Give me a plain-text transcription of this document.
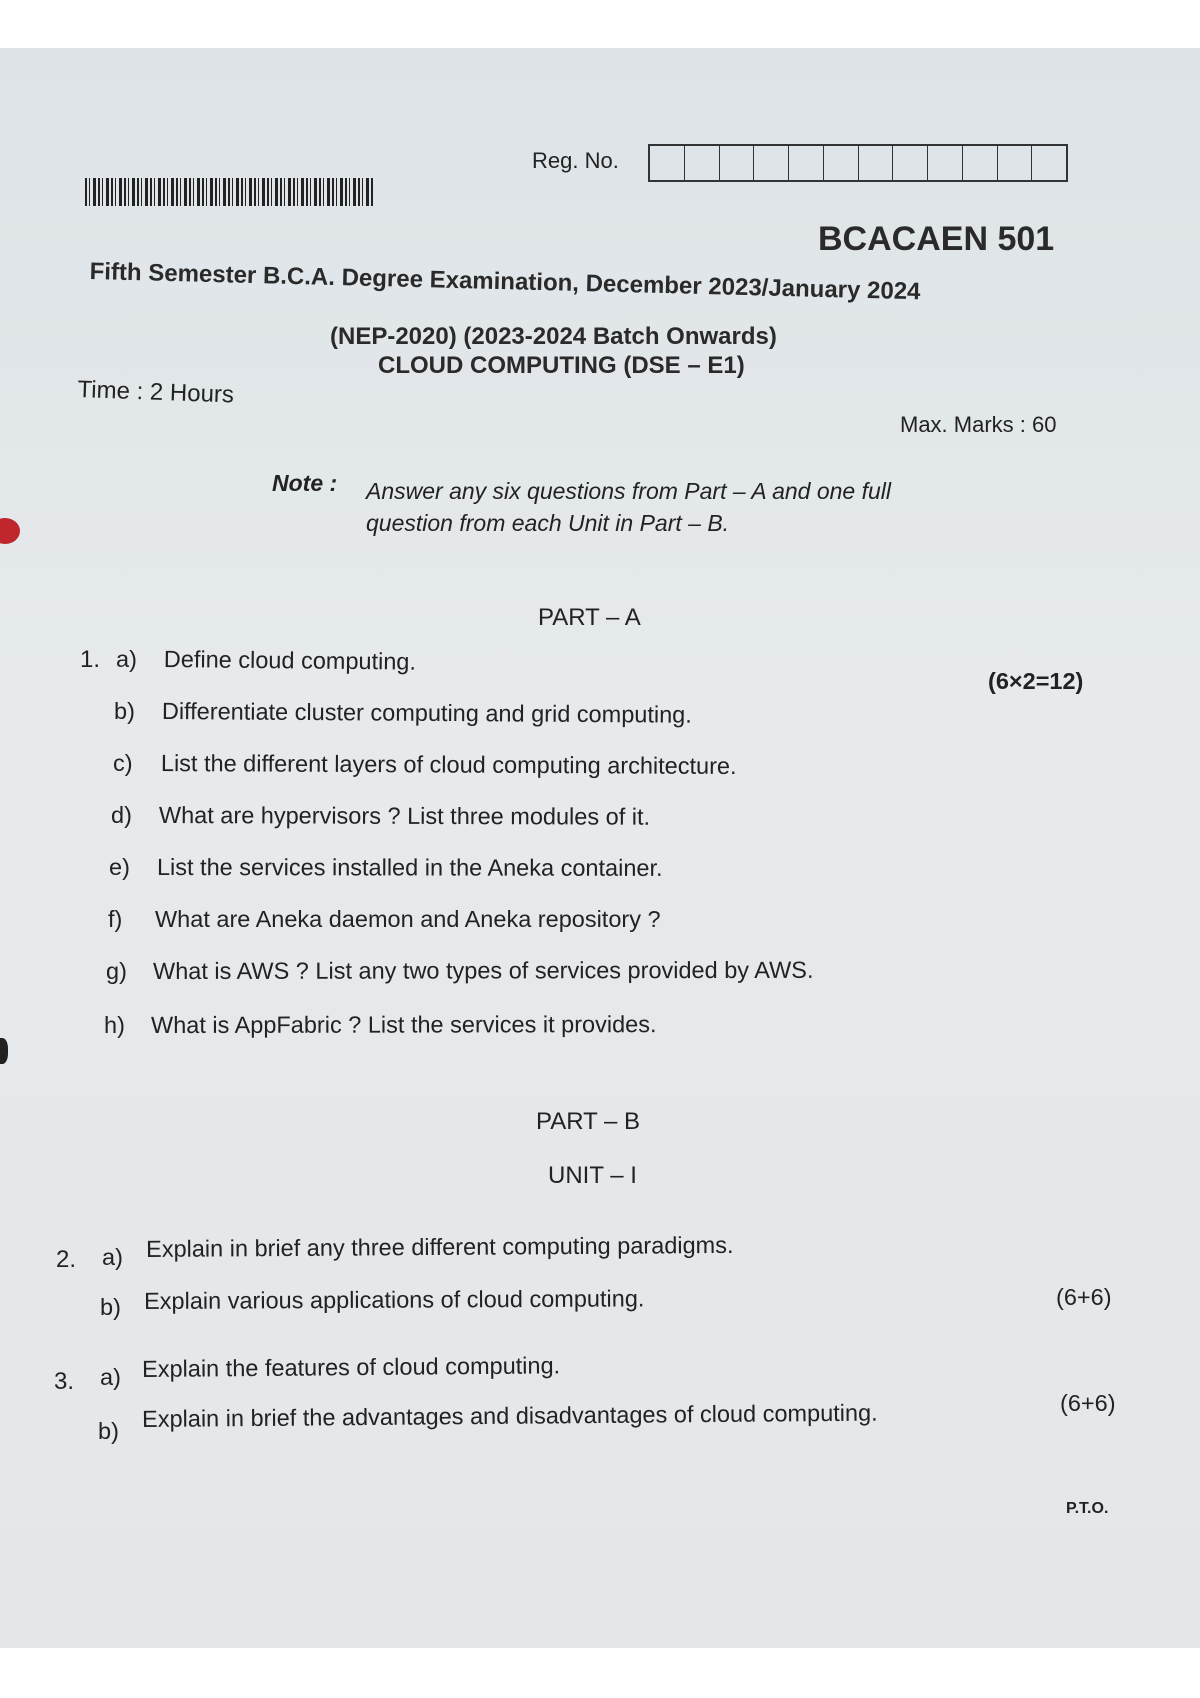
Reg. No.
BCACAEN 501
Fifth Semester B.C.A. Degree Examination, December 2023/January 2024
(NEP-2020) (2023-2024 Batch Onwards)
CLOUD COMPUTING (DSE – E1)
Time : 2 Hours
Max. Marks : 60
Note : Answer any six questions from Part – A and one full
question from each Unit in Part – B.
PART – A
1.
(6×2=12)
a) Define cloud computing.
b) Differentiate cluster computing and grid computing.
c) List the different layers of cloud computing architecture.
d) What are hypervisors ? List three modules of it.
e) List the services installed in the Aneka container.
f) What are Aneka daemon and Aneka repository ?
g) What is AWS ? List any two types of services provided by AWS.
h) What is AppFabric ? List the services it provides.
PART – B
UNIT – I
2. a) Explain in brief any three different computing paradigms.
b) Explain various applications of cloud computing.	(6+6)
3. a) Explain the features of cloud computing.
b) Explain in brief the advantages and disadvantages of cloud computing.	(6+6)
P.T.O.
